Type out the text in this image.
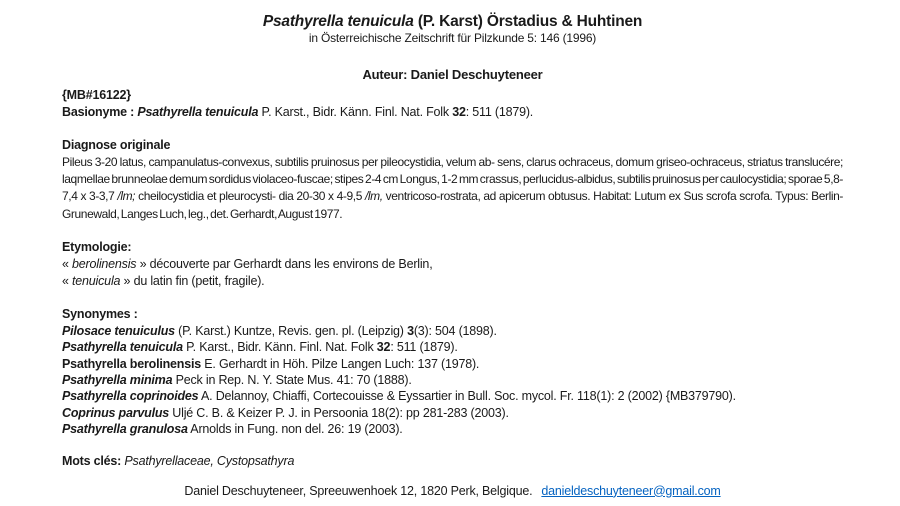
Psathyrella tenuicula (P. Karst) Örstadius & Huhtinen
in Österreichische Zeitschrift für Pilzkunde 5: 146 (1996)
Auteur: Daniel Deschuyteneer
{MB#16122}
Basionyme : Psathyrella tenuicula P. Karst., Bidr. Känn. Finl. Nat. Folk 32: 511 (1879).
Diagnose originale
Pileus 3-20 latus, campanulatus-convexus, subtilis pruinosus per pileocystidia, velum ab- sens, clarus ochraceus, domum griseo-ochraceus, striatus translucére; laqmellae brunneolae demum sordidus violaceo-fuscae; stipes 2-4 cm Longus, 1-2 mm crassus, perlucidus-albidus, subtilis pruinosus per caulocystidia; sporae 5,8-7,4 x 3-3,7 /lm; cheilocystidia et pleurocysti- dia 20-30 x 4-9,5 /lm, ventricoso-rostrata, ad apicerum obtusus. Habitat: Lutum ex Sus scrofa scrofa. Typus: Berlin-Grunewald, Langes Luch, leg., det. Gerhardt, August 1977.
Etymologie:
« berolinensis » découverte par Gerhardt dans les environs de Berlin,
« tenuicula » du latin fin (petit, fragile).
Synonymes :
Pilosace tenuiculus (P. Karst.) Kuntze, Revis. gen. pl. (Leipzig) 3(3): 504 (1898).
Psathyrella tenuicula P. Karst., Bidr. Känn. Finl. Nat. Folk 32: 511 (1879).
Psathyrella berolinensis E. Gerhardt in Höh. Pilze Langen Luch: 137 (1978).
Psathyrella minima Peck in Rep. N. Y. State Mus. 41: 70 (1888).
Psathyrella coprinoides A. Delannoy, Chiaffi, Cortecouisse & Eyssartier in Bull. Soc. mycol. Fr. 118(1): 2 (2002) {MB379790).
Coprinus parvulus Uljé C. B. & Keizer P. J. in Persoonia 18(2): pp 281-283 (2003).
Psathyrella granulosa Arnolds in Fung. non del. 26: 19 (2003).
Mots clés: Psathyrellaceae, Cystopsathyra
Daniel Deschuyteneer, Spreeuwenhoek 12, 1820 Perk, Belgique. danieldeschuyteneer@gmail.com
